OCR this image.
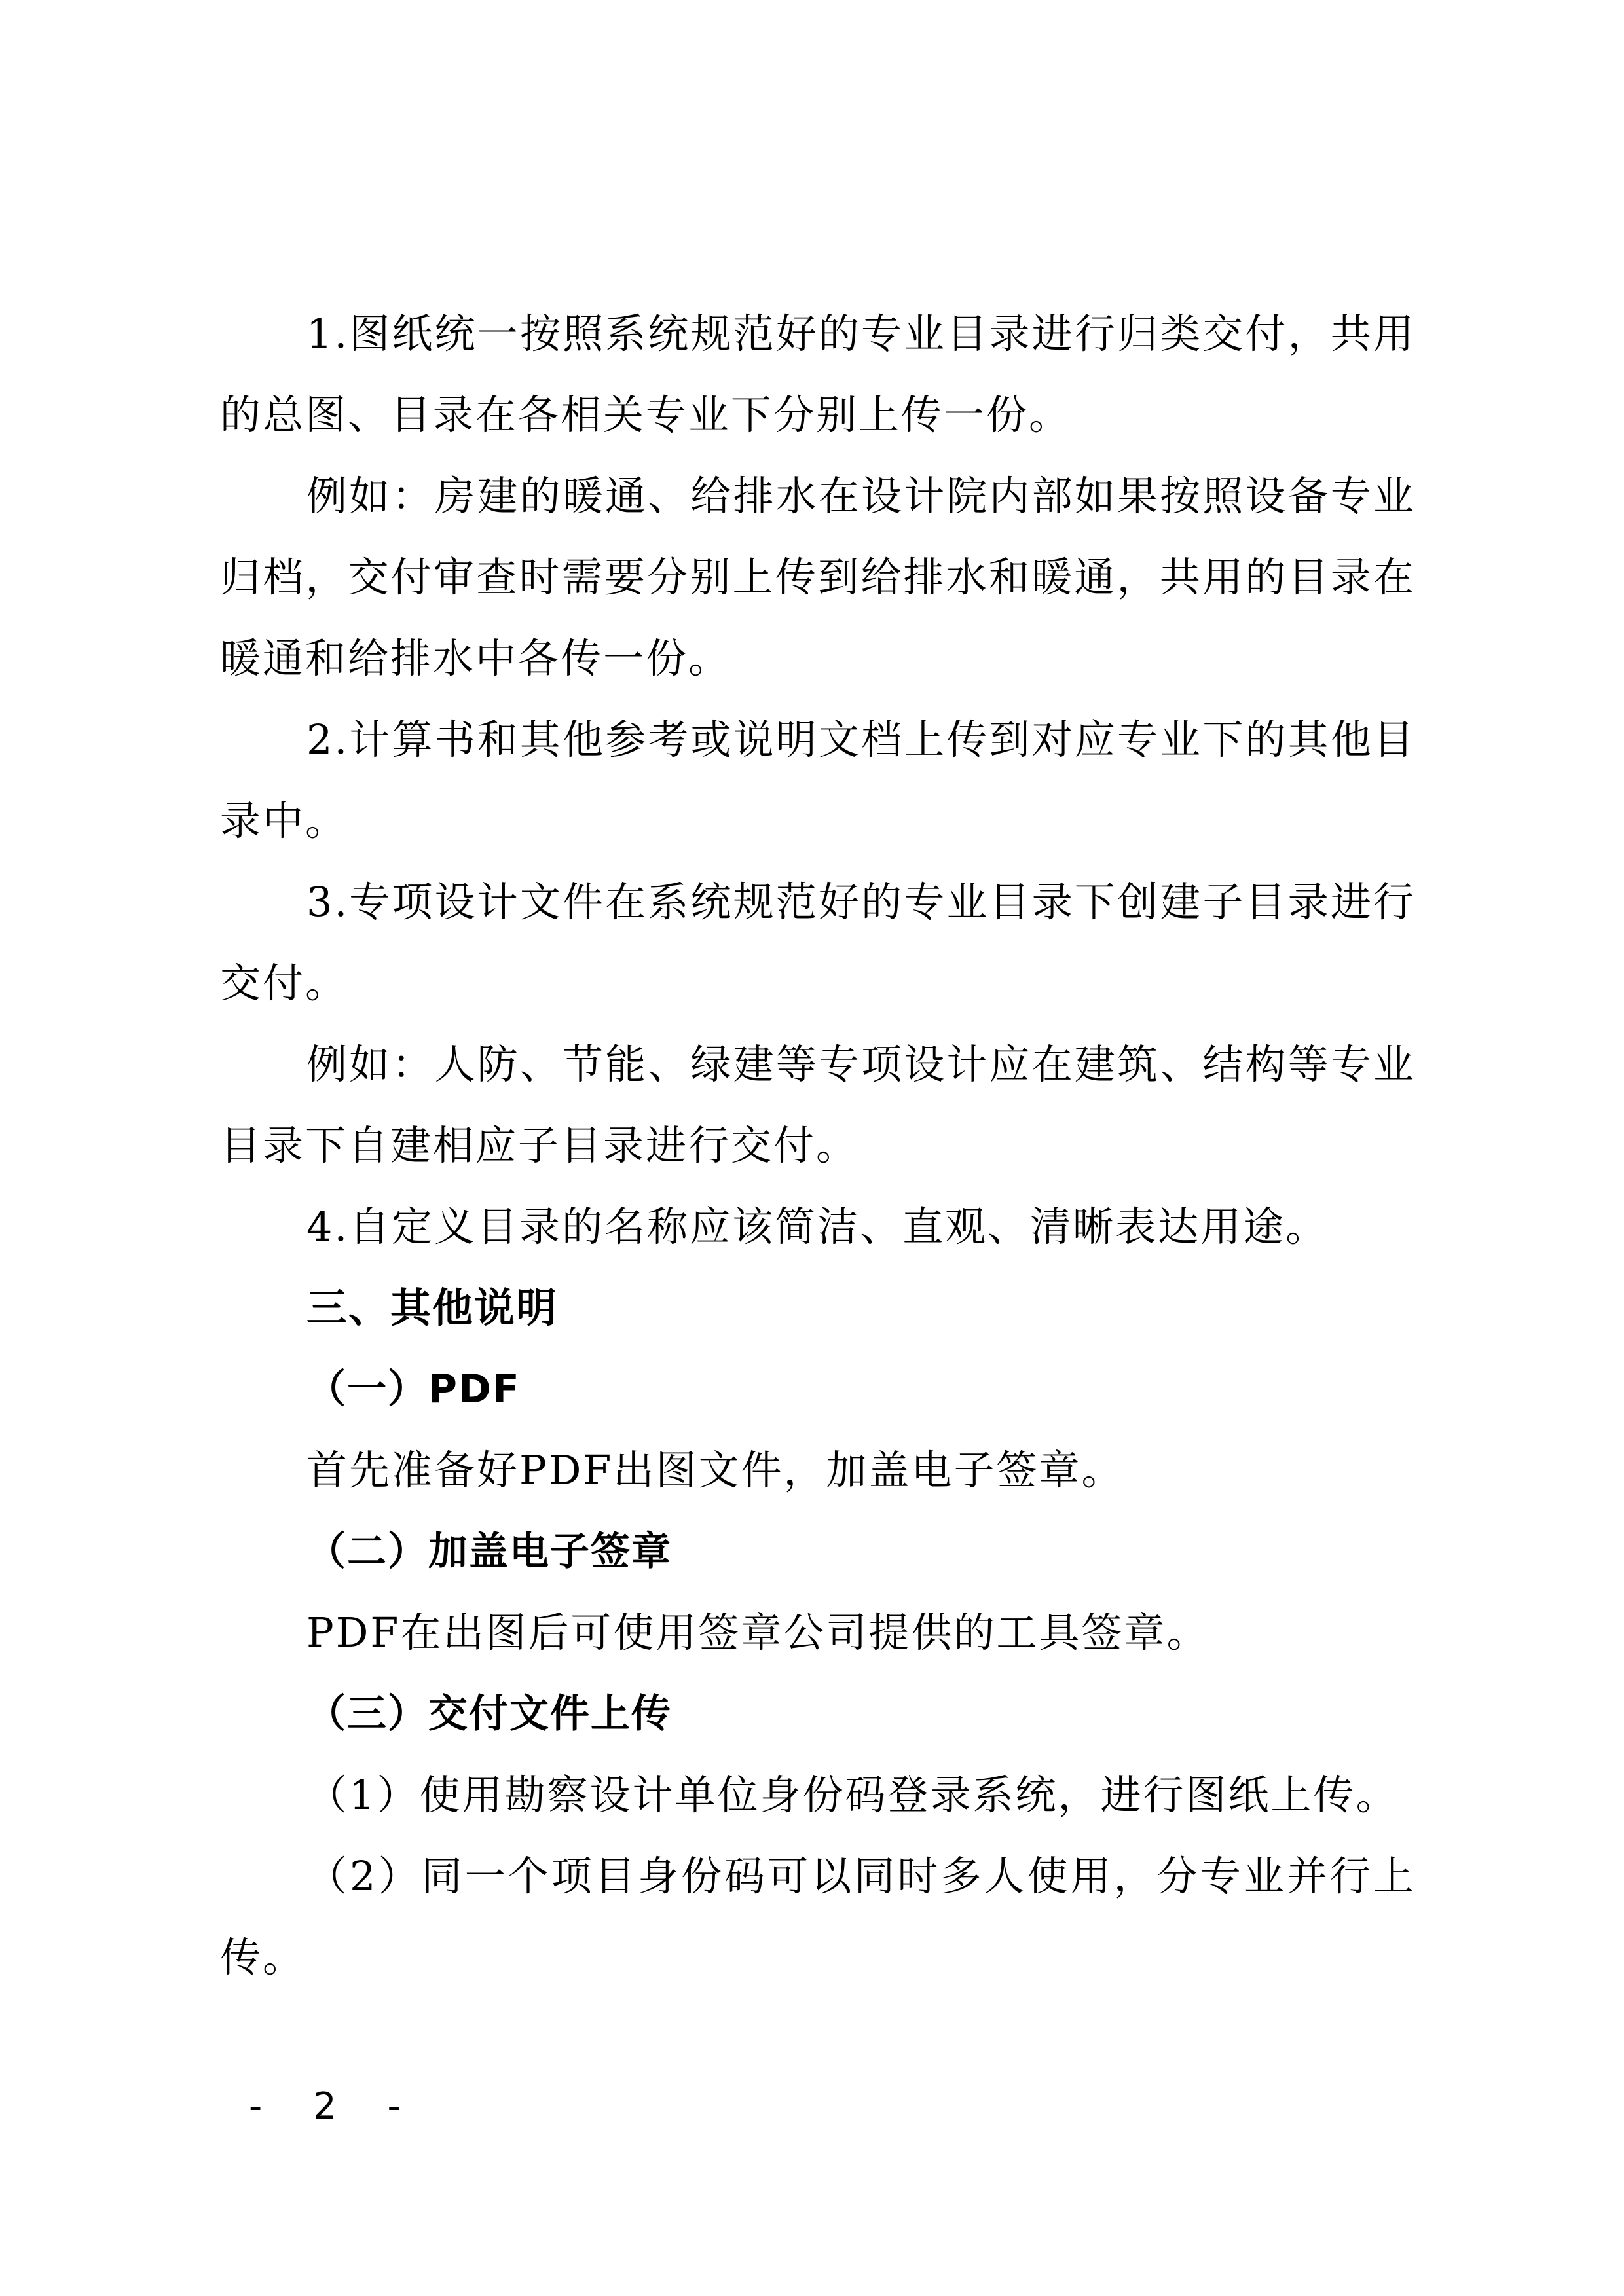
1.图纸统一按照系统规范好的专业目录进行归类交付，共用的总图、目录在各相关专业下分别上传一份。

例如：房建的暖通、给排水在设计院内部如果按照设备专业归档，交付审查时需要分别上传到给排水和暖通，共用的目录在暖通和给排水中各传一份。

2.计算书和其他参考或说明文档上传到对应专业下的其他目录中。

3.专项设计文件在系统规范好的专业目录下创建子目录进行交付。

例如：人防、节能、绿建等专项设计应在建筑、结构等专业目录下自建相应子目录进行交付。

4.自定义目录的名称应该简洁、直观、清晰表达用途。

三、其他说明
（一）PDF

首先准备好PDF出图文件，加盖电子签章。

（二）加盖电子签章

PDF在出图后可使用签章公司提供的工具签章。

（三）交付文件上传

（1）使用勘察设计单位身份码登录系统，进行图纸上传。

（2）同一个项目身份码可以同时多人使用，分专业并行上传。

- 2 -
